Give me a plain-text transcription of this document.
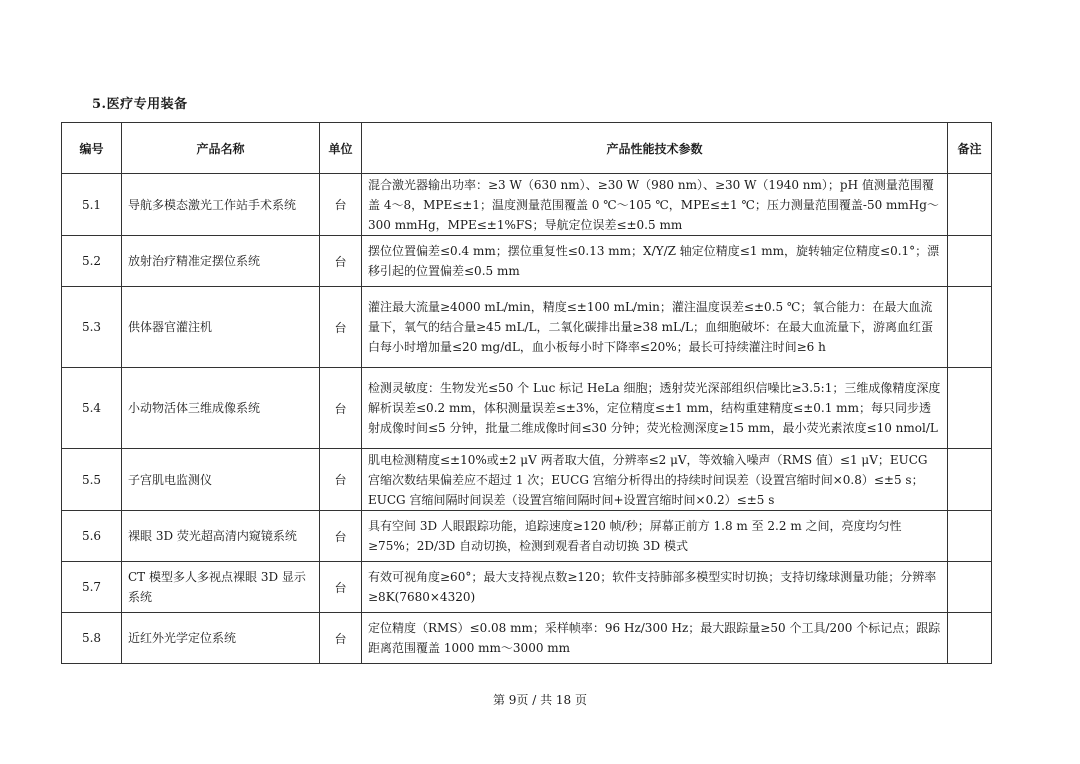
5.医疗专用装备
编号	产品名称	单位	产品性能技术参数	备注
5.1	导航多模态激光工作站手术系统	台	混合激光器输出功率：≥3 W（630 nm）、≥30 W（980 nm）、≥30 W（1940 nm）；pH 值测量范围覆盖 4～8，MPE≤±1；温度测量范围覆盖 0 ℃～105 ℃，MPE≤±1 ℃；压力测量范围覆盖-50 mmHg～300 mmHg，MPE≤±1%FS；导航定位误差≤±0.5 mm	
5.2	放射治疗精准定摆位系统	台	摆位位置偏差≤0.4 mm；摆位重复性≤0.13 mm；X/Y/Z 轴定位精度≤1 mm，旋转轴定位精度≤0.1°；漂移引起的位置偏差≤0.5 mm	
5.3	供体器官灌注机	台	灌注最大流量≥4000 mL/min，精度≤±100 mL/min；灌注温度误差≤±0.5 ℃；氧合能力：在最大血流量下，氧气的结合量≥45 mL/L，二氧化碳排出量≥38 mL/L；血细胞破坏：在最大血流量下，游离血红蛋白每小时增加量≤20 mg/dL，血小板每小时下降率≤20%；最长可持续灌注时间≥6 h	
5.4	小动物活体三维成像系统	台	检测灵敏度：生物发光≤50 个 Luc 标记 HeLa 细胞；透射荧光深部组织信噪比≥3.5:1；三维成像精度深度解析误差≤0.2 mm，体积测量误差≤±3%，定位精度≤±1 mm，结构重建精度≤±0.1 mm；每只同步透射成像时间≤5 分钟，批量二维成像时间≤30 分钟；荧光检测深度≥15 mm，最小荧光素浓度≤10 nmol/L	
5.5	子宫肌电监测仪	台	肌电检测精度≤±10%或±2 μV 两者取大值，分辨率≤2 μV，等效输入噪声（RMS 值）≤1 μV；EUCG 宫缩次数结果偏差应不超过 1 次；EUCG 宫缩分析得出的持续时间误差（设置宫缩时间×0.8）≤±5 s；EUCG 宫缩间隔时间误差（设置宫缩间隔时间+设置宫缩时间×0.2）≤±5 s	
5.6	裸眼 3D 荧光超高清内窥镜系统	台	具有空间 3D 人眼跟踪功能，追踪速度≥120 帧/秒；屏幕正前方 1.8 m 至 2.2 m 之间，亮度均匀性≥75%；2D/3D 自动切换，检测到观看者自动切换 3D 模式	
5.7	CT 模型多人多视点裸眼 3D 显示系统	台	有效可视角度≥60°；最大支持视点数≥120；软件支持肺部多模型实时切换；支持切缘球测量功能；分辨率≥8K(7680×4320)	
5.8	近红外光学定位系统	台	定位精度（RMS）≤0.08 mm；采样帧率：96 Hz/300 Hz；最大跟踪量≥50 个工具/200 个标记点；跟踪距离范围覆盖 1000 mm～3000 mm	
第 9页 / 共 18 页
